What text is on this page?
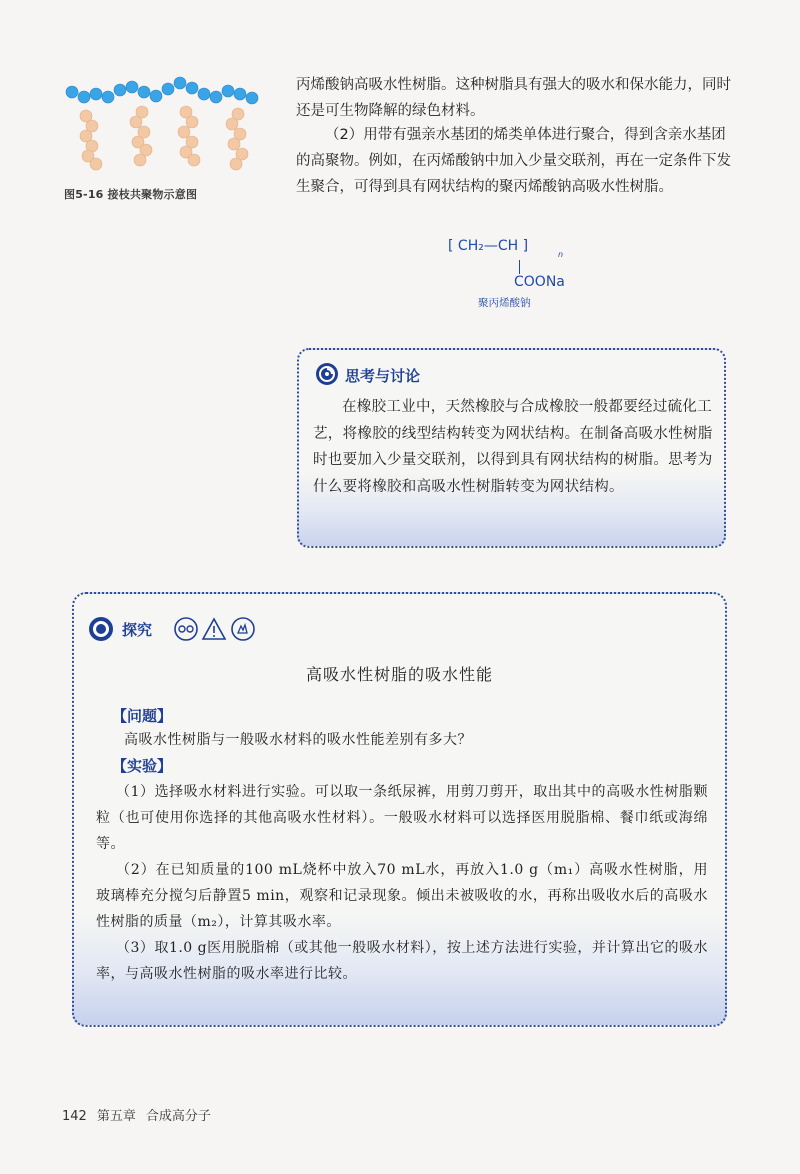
图5-16 接枝共聚物示意图

丙烯酸钠高吸水性树脂。这种树脂具有强大的吸水和保水能力，同时还是可生物降解的绿色材料。

（2）用带有强亲水基团的烯类单体进行聚合，得到含亲水基团的高聚物。例如，在丙烯酸钠中加入少量交联剂，再在一定条件下发生聚合，可得到具有网状结构的聚丙烯酸钠高吸水性树脂。

[ CH₂—CH ]
n
COONa
聚丙烯酸钠
思考与讨论

在橡胶工业中，天然橡胶与合成橡胶一般都要经过硫化工艺，将橡胶的线型结构转变为网状结构。在制备高吸水性树脂时也要加入少量交联剂，以得到具有网状结构的树脂。思考为什么要将橡胶和高吸水性树脂转变为网状结构。

探究
高吸水性树脂的吸水性能
【问题】

高吸水性树脂与一般吸水材料的吸水性能差别有多大？

【实验】

（1）选择吸水材料进行实验。可以取一条纸尿裤，用剪刀剪开，取出其中的高吸水性树脂颗粒（也可使用你选择的其他高吸水性材料）。一般吸水材料可以选择医用脱脂棉、餐巾纸或海绵等。

（2）在已知质量的100 mL烧杯中放入70 mL水，再放入1.0 g（m₁）高吸水性树脂，用玻璃棒充分搅匀后静置5 min，观察和记录现象。倾出未被吸收的水，再称出吸收水后的高吸水性树脂的质量（m₂），计算其吸水率。

（3）取1.0 g医用脱脂棉（或其他一般吸水材料），按上述方法进行实验，并计算出它的吸水率，与高吸水性树脂的吸水率进行比较。

142 第五章 合成高分子
